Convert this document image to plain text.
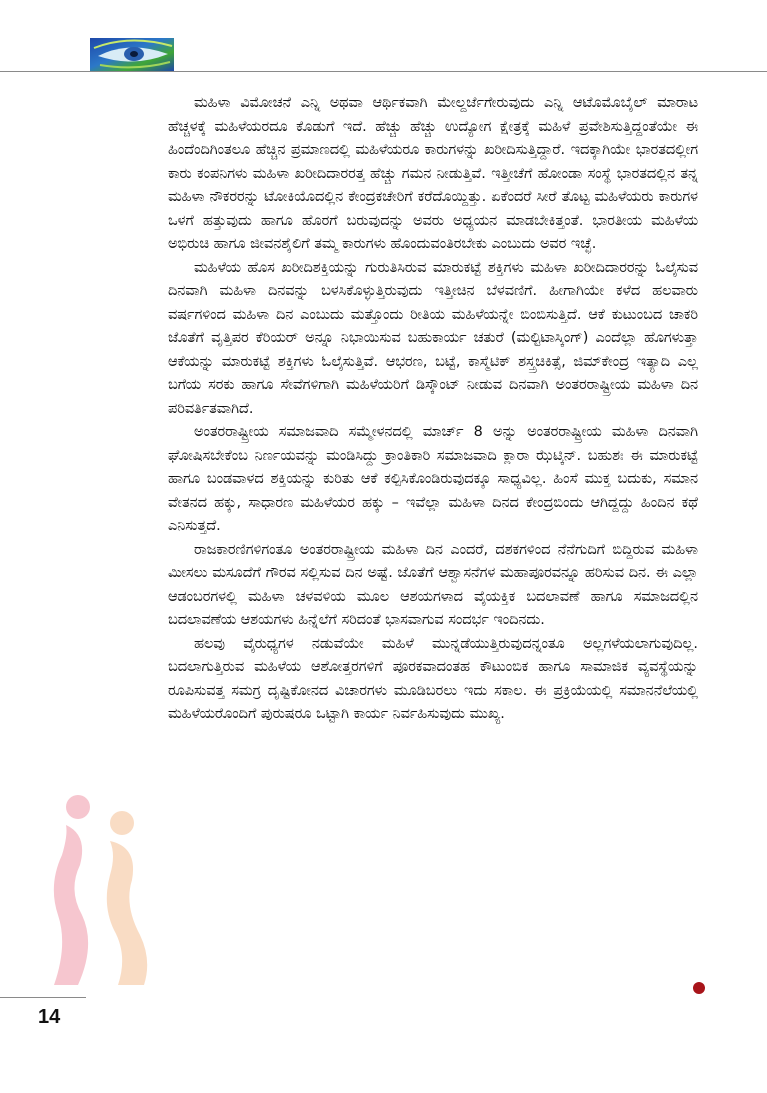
ಮಹಿಳಾ ವಿಮೋಚನೆ ಎನ್ನಿ ಅಥವಾ ಆರ್ಥಿಕವಾಗಿ ಮೇಲ್ದರ್ಜೆಗೇರುವುದು ಎನ್ನಿ ಆಟೊಮೊಬೈಲ್ ಮಾರಾಟ ಹೆಚ್ಚಳಕ್ಕೆ ಮಹಿಳೆಯರದೂ ಕೊಡುಗೆ ಇದೆ. ಹೆಚ್ಚು ಹೆಚ್ಚು ಉದ್ಯೋಗ ಕ್ಷೇತ್ರಕ್ಕೆ ಮಹಿಳೆ ಪ್ರವೇಶಿಸುತ್ತಿದ್ದಂತೆಯೇ ಈ ಹಿಂದೆಂದಿಗಿಂತಲೂ ಹೆಚ್ಚಿನ ಪ್ರಮಾಣದಲ್ಲಿ ಮಹಿಳೆಯರೂ ಕಾರುಗಳನ್ನು ಖರೀದಿಸುತ್ತಿದ್ದಾರೆ. ಇದಕ್ಕಾಗಿಯೇ ಭಾರತದಲ್ಲೀಗ ಕಾರು ಕಂಪನಿಗಳು ಮಹಿಳಾ ಖರೀದಿದಾರರತ್ತ ಹೆಚ್ಚು ಗಮನ ನೀಡುತ್ತಿವೆ. ಇತ್ತೀಚೆಗೆ ಹೋಂಡಾ ಸಂಸ್ಥೆ ಭಾರತದಲ್ಲಿನ ತನ್ನ ಮಹಿಳಾ ನೌಕರರನ್ನು ಟೋಕಿಯೊದಲ್ಲಿನ ಕೇಂದ್ರಕಚೇರಿಗೆ ಕರೆದೊಯ್ದಿತ್ತು. ಏಕೆಂದರೆ ಸೀರೆ ತೊಟ್ಟ ಮಹಿಳೆಯರು ಕಾರುಗಳ ಒಳಗೆ ಹತ್ತುವುದು ಹಾಗೂ ಹೊರಗೆ ಬರುವುದನ್ನು ಅವರು ಅಧ್ಯಯನ ಮಾಡಬೇಕಿತ್ತಂತೆ. ಭಾರತೀಯ ಮಹಿಳೆಯ ಅಭಿರುಚಿ ಹಾಗೂ ಜೀವನಶೈಲಿಗೆ ತಮ್ಮ ಕಾರುಗಳು ಹೊಂದುವಂತಿರಬೇಕು ಎಂಬುದು ಅವರ ಇಚ್ಛೆ.

ಮಹಿಳೆಯ ಹೊಸ ಖರೀದಿಶಕ್ತಿಯನ್ನು ಗುರುತಿಸಿರುವ ಮಾರುಕಟ್ಟೆ ಶಕ್ತಿಗಳು ಮಹಿಳಾ ಖರೀದಿದಾರರನ್ನು ಓಲೈಸುವ ದಿನವಾಗಿ ಮಹಿಳಾ ದಿನವನ್ನು ಬಳಸಿಕೊಳ್ಳುತ್ತಿರುವುದು ಇತ್ತೀಚಿನ ಬೆಳವಣಿಗೆ. ಹೀಗಾಗಿಯೇ ಕಳೆದ ಹಲವಾರು ವರ್ಷಗಳಿಂದ ಮಹಿಳಾ ದಿನ ಎಂಬುದು ಮತ್ತೊಂದು ರೀತಿಯ ಮಹಿಳೆಯನ್ನೇ ಬಿಂಬಿಸುತ್ತಿದೆ. ಆಕೆ ಕುಟುಂಬದ ಚಾಕರಿ ಜೊತೆಗೆ ವೃತ್ತಿಪರ ಕೆರಿಯರ್ ಅನ್ನೂ ನಿಭಾಯಿಸುವ ಬಹುಕಾರ್ಯ ಚತುರೆ (ಮಲ್ಟಿಟಾಸ್ಕಿಂಗ್) ಎಂದೆಲ್ಲಾ ಹೊಗಳುತ್ತಾ ಆಕೆಯನ್ನು ಮಾರುಕಟ್ಟೆ ಶಕ್ತಿಗಳು ಓಲೈಸುತ್ತಿವೆ. ಆಭರಣ, ಬಟ್ಟೆ, ಕಾಸ್ಮೆಟಿಕ್ ಶಸ್ತ್ರಚಿಕಿತ್ಸೆ, ಜಿಮ್‌ಕೇಂದ್ರ ಇತ್ಯಾದಿ ಎಲ್ಲ ಬಗೆಯ ಸರಕು ಹಾಗೂ ಸೇವೆಗಳಿಗಾಗಿ ಮಹಿಳೆಯರಿಗೆ ಡಿಸ್ಕೌಂಟ್ ನೀಡುವ ದಿನವಾಗಿ ಅಂತರರಾಷ್ಟ್ರೀಯ ಮಹಿಳಾ ದಿನ ಪರಿವರ್ತಿತವಾಗಿದೆ.

ಅಂತರರಾಷ್ಟ್ರೀಯ ಸಮಾಜವಾದಿ ಸಮ್ಮೇಳನದಲ್ಲಿ ಮಾರ್ಚ್ 8 ಅನ್ನು ಅಂತರರಾಷ್ಟ್ರೀಯ ಮಹಿಳಾ ದಿನವಾಗಿ ಘೋಷಿಸಬೇಕೆಂಬ ನಿರ್ಣಯವನ್ನು ಮಂಡಿಸಿದ್ದು ಕ್ರಾಂತಿಕಾರಿ ಸಮಾಜವಾದಿ ಕ್ಲಾರಾ ಝೆಟ್ಕಿನ್. ಬಹುಶಃ ಈ ಮಾರುಕಟ್ಟೆ ಹಾಗೂ ಬಂಡವಾಳದ ಶಕ್ತಿಯನ್ನು ಕುರಿತು ಆಕೆ ಕಲ್ಪಿಸಿಕೊಂಡಿರುವುದಕ್ಕೂ ಸಾಧ್ಯವಿಲ್ಲ. ಹಿಂಸೆ ಮುಕ್ತ ಬದುಕು, ಸಮಾನ ವೇತನದ ಹಕ್ಕು, ಸಾಧಾರಣ ಮಹಿಳೆಯರ ಹಕ್ಕು – ಇವೆಲ್ಲಾ ಮಹಿಳಾ ದಿನದ ಕೇಂದ್ರಬಿಂದು ಆಗಿದ್ದದ್ದು ಹಿಂದಿನ ಕಥೆ ಎನಿಸುತ್ತದೆ.

ರಾಜಕಾರಣಿಗಳಿಗಂತೂ ಅಂತರರಾಷ್ಟ್ರೀಯ ಮಹಿಳಾ ದಿನ ಎಂದರೆ, ದಶಕಗಳಿಂದ ನೆನೆಗುದಿಗೆ ಬಿದ್ದಿರುವ ಮಹಿಳಾ ಮೀಸಲು ಮಸೂದೆಗೆ ಗೌರವ ಸಲ್ಲಿಸುವ ದಿನ ಅಷ್ಟೆ. ಜೊತೆಗೆ ಆಶ್ವಾಸನೆಗಳ ಮಹಾಪೂರವನ್ನೂ ಹರಿಸುವ ದಿನ. ಈ ಎಲ್ಲಾ ಆಡಂಬರಗಳಲ್ಲಿ ಮಹಿಳಾ ಚಳವಳಿಯ ಮೂಲ ಆಶಯಗಳಾದ ವೈಯಕ್ತಿಕ ಬದಲಾವಣೆ ಹಾಗೂ ಸಮಾಜದಲ್ಲಿನ ಬದಲಾವಣೆಯ ಆಶಯಗಳು ಹಿನ್ನೆಲೆಗೆ ಸರಿದಂತೆ ಭಾಸವಾಗುವ ಸಂದರ್ಭ ಇಂದಿನದು.

ಹಲವು ವೈರುಧ್ಯಗಳ ನಡುವೆಯೇ ಮಹಿಳೆ ಮುನ್ನಡೆಯುತ್ತಿರುವುದನ್ನಂತೂ ಅಲ್ಲಗಳೆಯಲಾಗುವುದಿಲ್ಲ. ಬದಲಾಗುತ್ತಿರುವ ಮಹಿಳೆಯ ಆಶೋತ್ತರಗಳಿಗೆ ಪೂರಕವಾದಂತಹ ಕೌಟುಂಬಿಕ ಹಾಗೂ ಸಾಮಾಜಿಕ ವ್ಯವಸ್ಥೆಯನ್ನು ರೂಪಿಸುವತ್ತ ಸಮಗ್ರ ದೃಷ್ಟಿಕೋನದ ವಿಚಾರಗಳು ಮೂಡಿಬರಲು ಇದು ಸಕಾಲ. ಈ ಪ್ರಕ್ರಿಯೆಯಲ್ಲಿ ಸಮಾನನೆಲೆಯಲ್ಲಿ ಮಹಿಳೆಯರೊಂದಿಗೆ ಪುರುಷರೂ ಒಟ್ಟಾಗಿ ಕಾರ್ಯ ನಿರ್ವಹಿಸುವುದು ಮುಖ್ಯ.

14
